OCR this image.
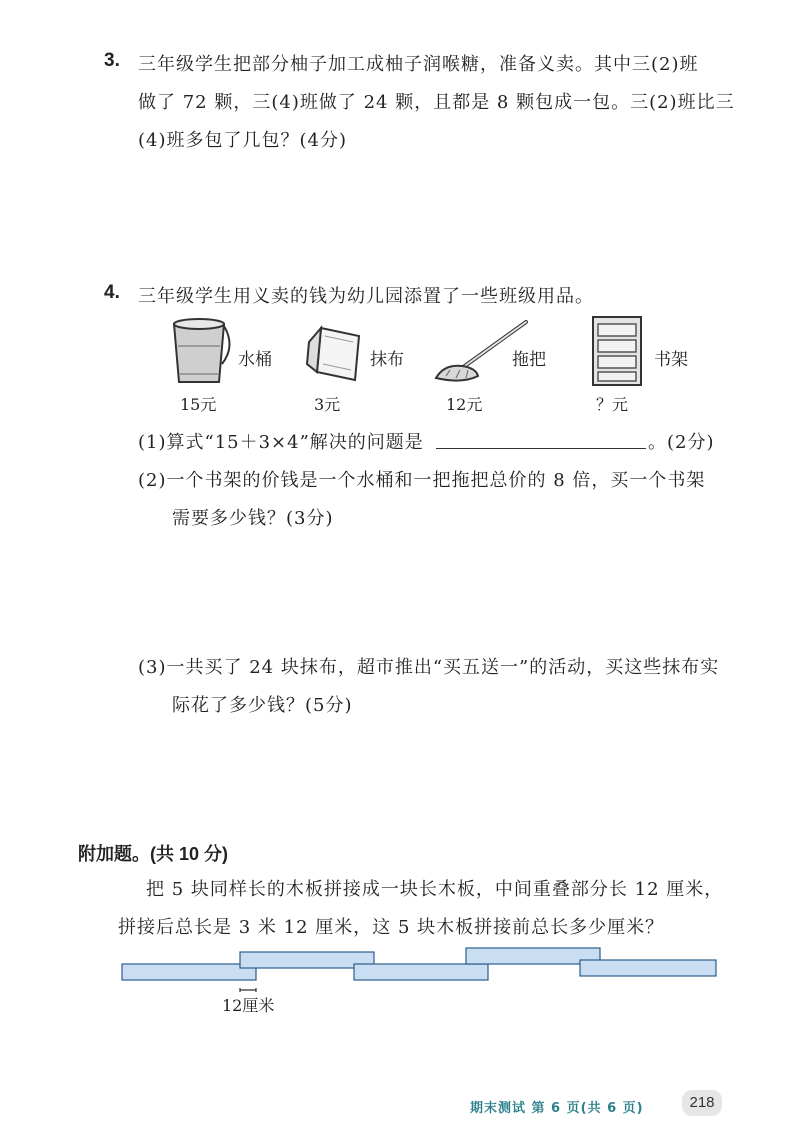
3. 三年级学生把部分柚子加工成柚子润喉糖，准备义卖。其中三(2)班
做了 72 颗，三(4)班做了 24 颗，且都是 8 颗包成一包。三(2)班比三
(4)班多包了几包？(4分)
4. 三年级学生用义卖的钱为幼儿园添置了一些班级用品。
水桶
15元
抹布
3元
拖把
12元
书架
？元
(1)算式“15＋3×4”解决的问题是	。(2分)
(2)一个书架的价钱是一个水桶和一把拖把总价的 8 倍，买一个书架
需要多少钱？(3分)
(3)一共买了 24 块抹布，超市推出“买五送一”的活动，买这些抹布实
际花了多少钱？(5分)
附加题。(共 10 分)
把 5 块同样长的木板拼接成一块长木板，中间重叠部分长 12 厘米，
拼接后总长是 3 米 12 厘米，这 5 块木板拼接前总长多少厘米？
12厘米
期末测试 第 6 页(共 6 页)	218
